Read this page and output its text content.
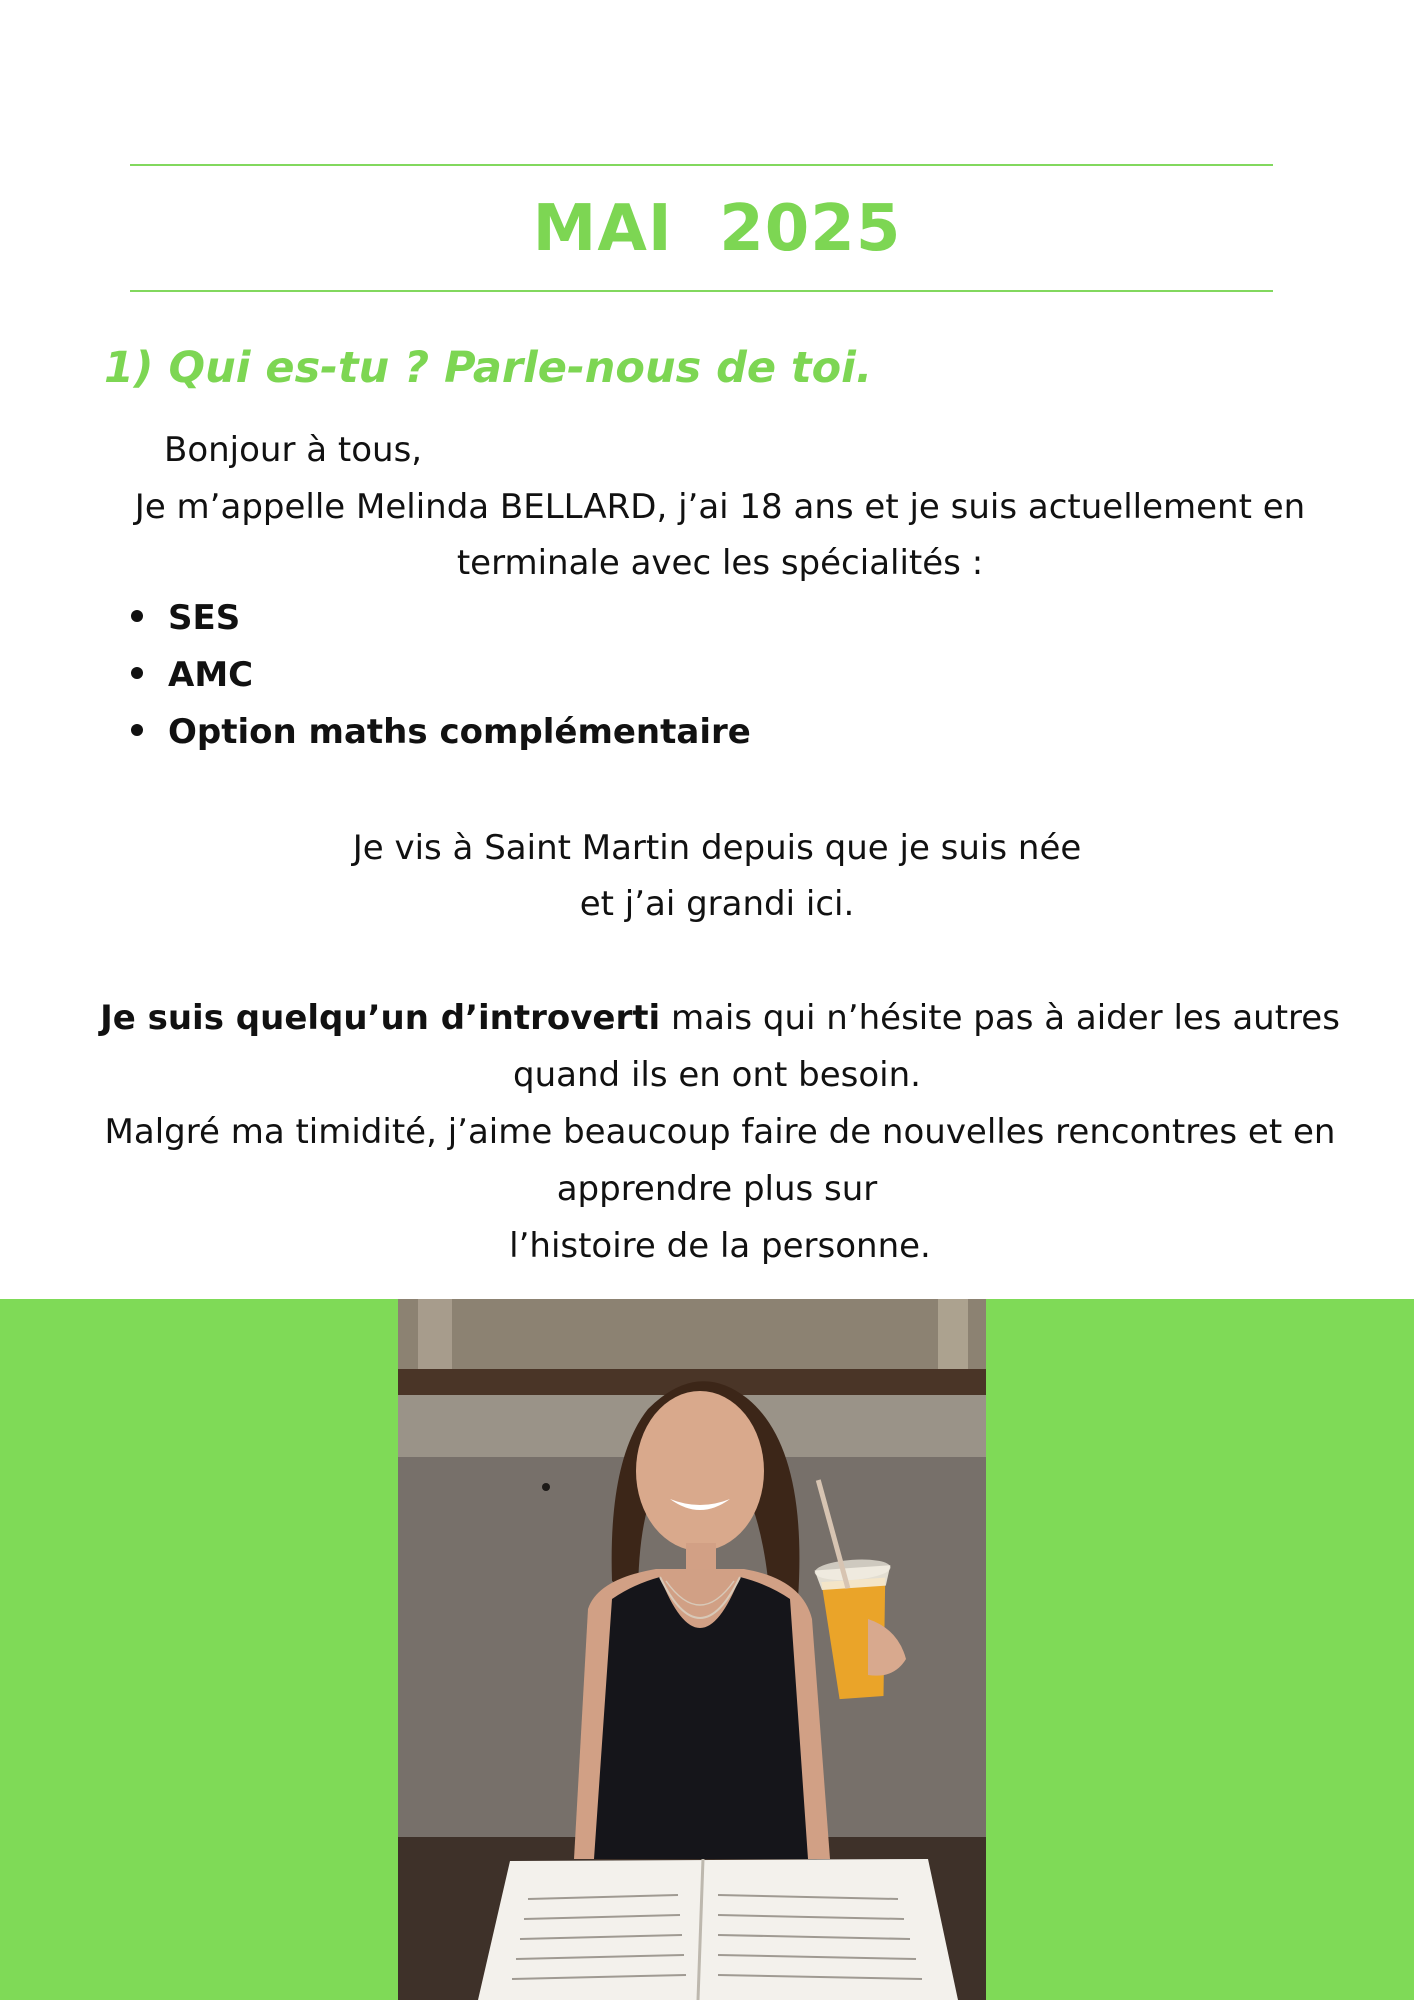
MAI  2025
1) Qui es-tu ? Parle-nous de toi.
Bonjour à tous,
Je m’appelle Melinda BELLARD, j’ai 18 ans et je suis actuellement en
terminale avec les spécialités :
SES
AMC
Option maths complémentaire
Je vis à Saint Martin depuis que je suis née
et j’ai grandi ici.
Je suis quelqu’un d’introverti mais qui n’hésite pas à aider les autres
quand ils en ont besoin.
Malgré ma timidité, j’aime beaucoup faire de nouvelles rencontres et en
apprendre plus sur
l’histoire de la personne.
